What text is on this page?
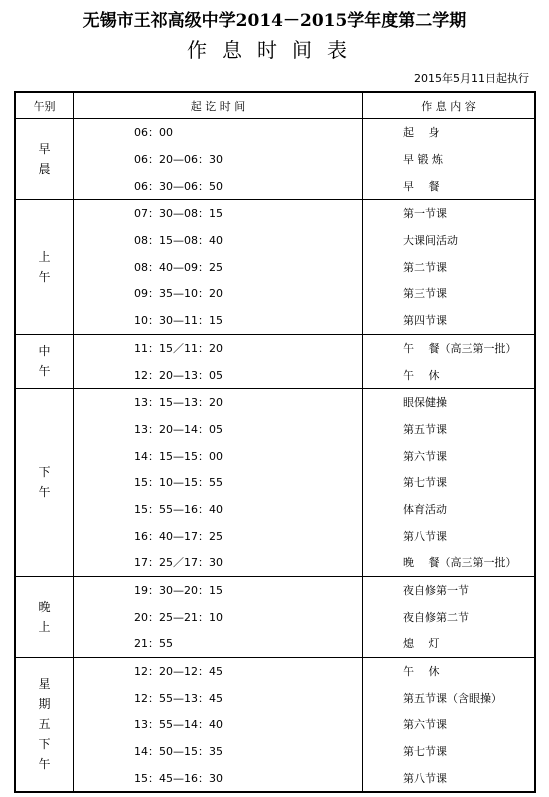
无锡市王祁高级中学2014－2015学年度第二学期
作息时间表
2015年5月11日起执行
午别	起 讫 时 间	作 息 内 容

早
晨	06：00	起　 身
	06：20—06：30	早 锻 炼
	06：30—06：50	早　 餐

上
午	07：30—08：15	第一节课
	08：15—08：40	大课间活动
	08：40—09：25	第二节课
	09：35—10：20	第三节课
	10：30—11：15	第四节课

中
午	11：15／11：20	午　 餐（高三第一批）
	12：20—13：05	午　 休

下
午	13：15—13：20	眼保健操
	13：20—14：05	第五节课
	14：15—15：00	第六节课
	15：10—15：55	第七节课
	15：55—16：40	体育活动
	16：40—17：25	第八节课
	17：25／17：30	晚　 餐（高三第一批）

晚
上	19：30—20：15	夜自修第一节
	20：25—21：10	夜自修第二节
	21：55	熄　 灯

星
期
五
下
午	12：20—12：45	午　 休
	12：55—13：45	第五节课（含眼操）
	13：55—14：40	第六节课
	14：50—15：35	第七节课
	15：45—16：30	第八节课
